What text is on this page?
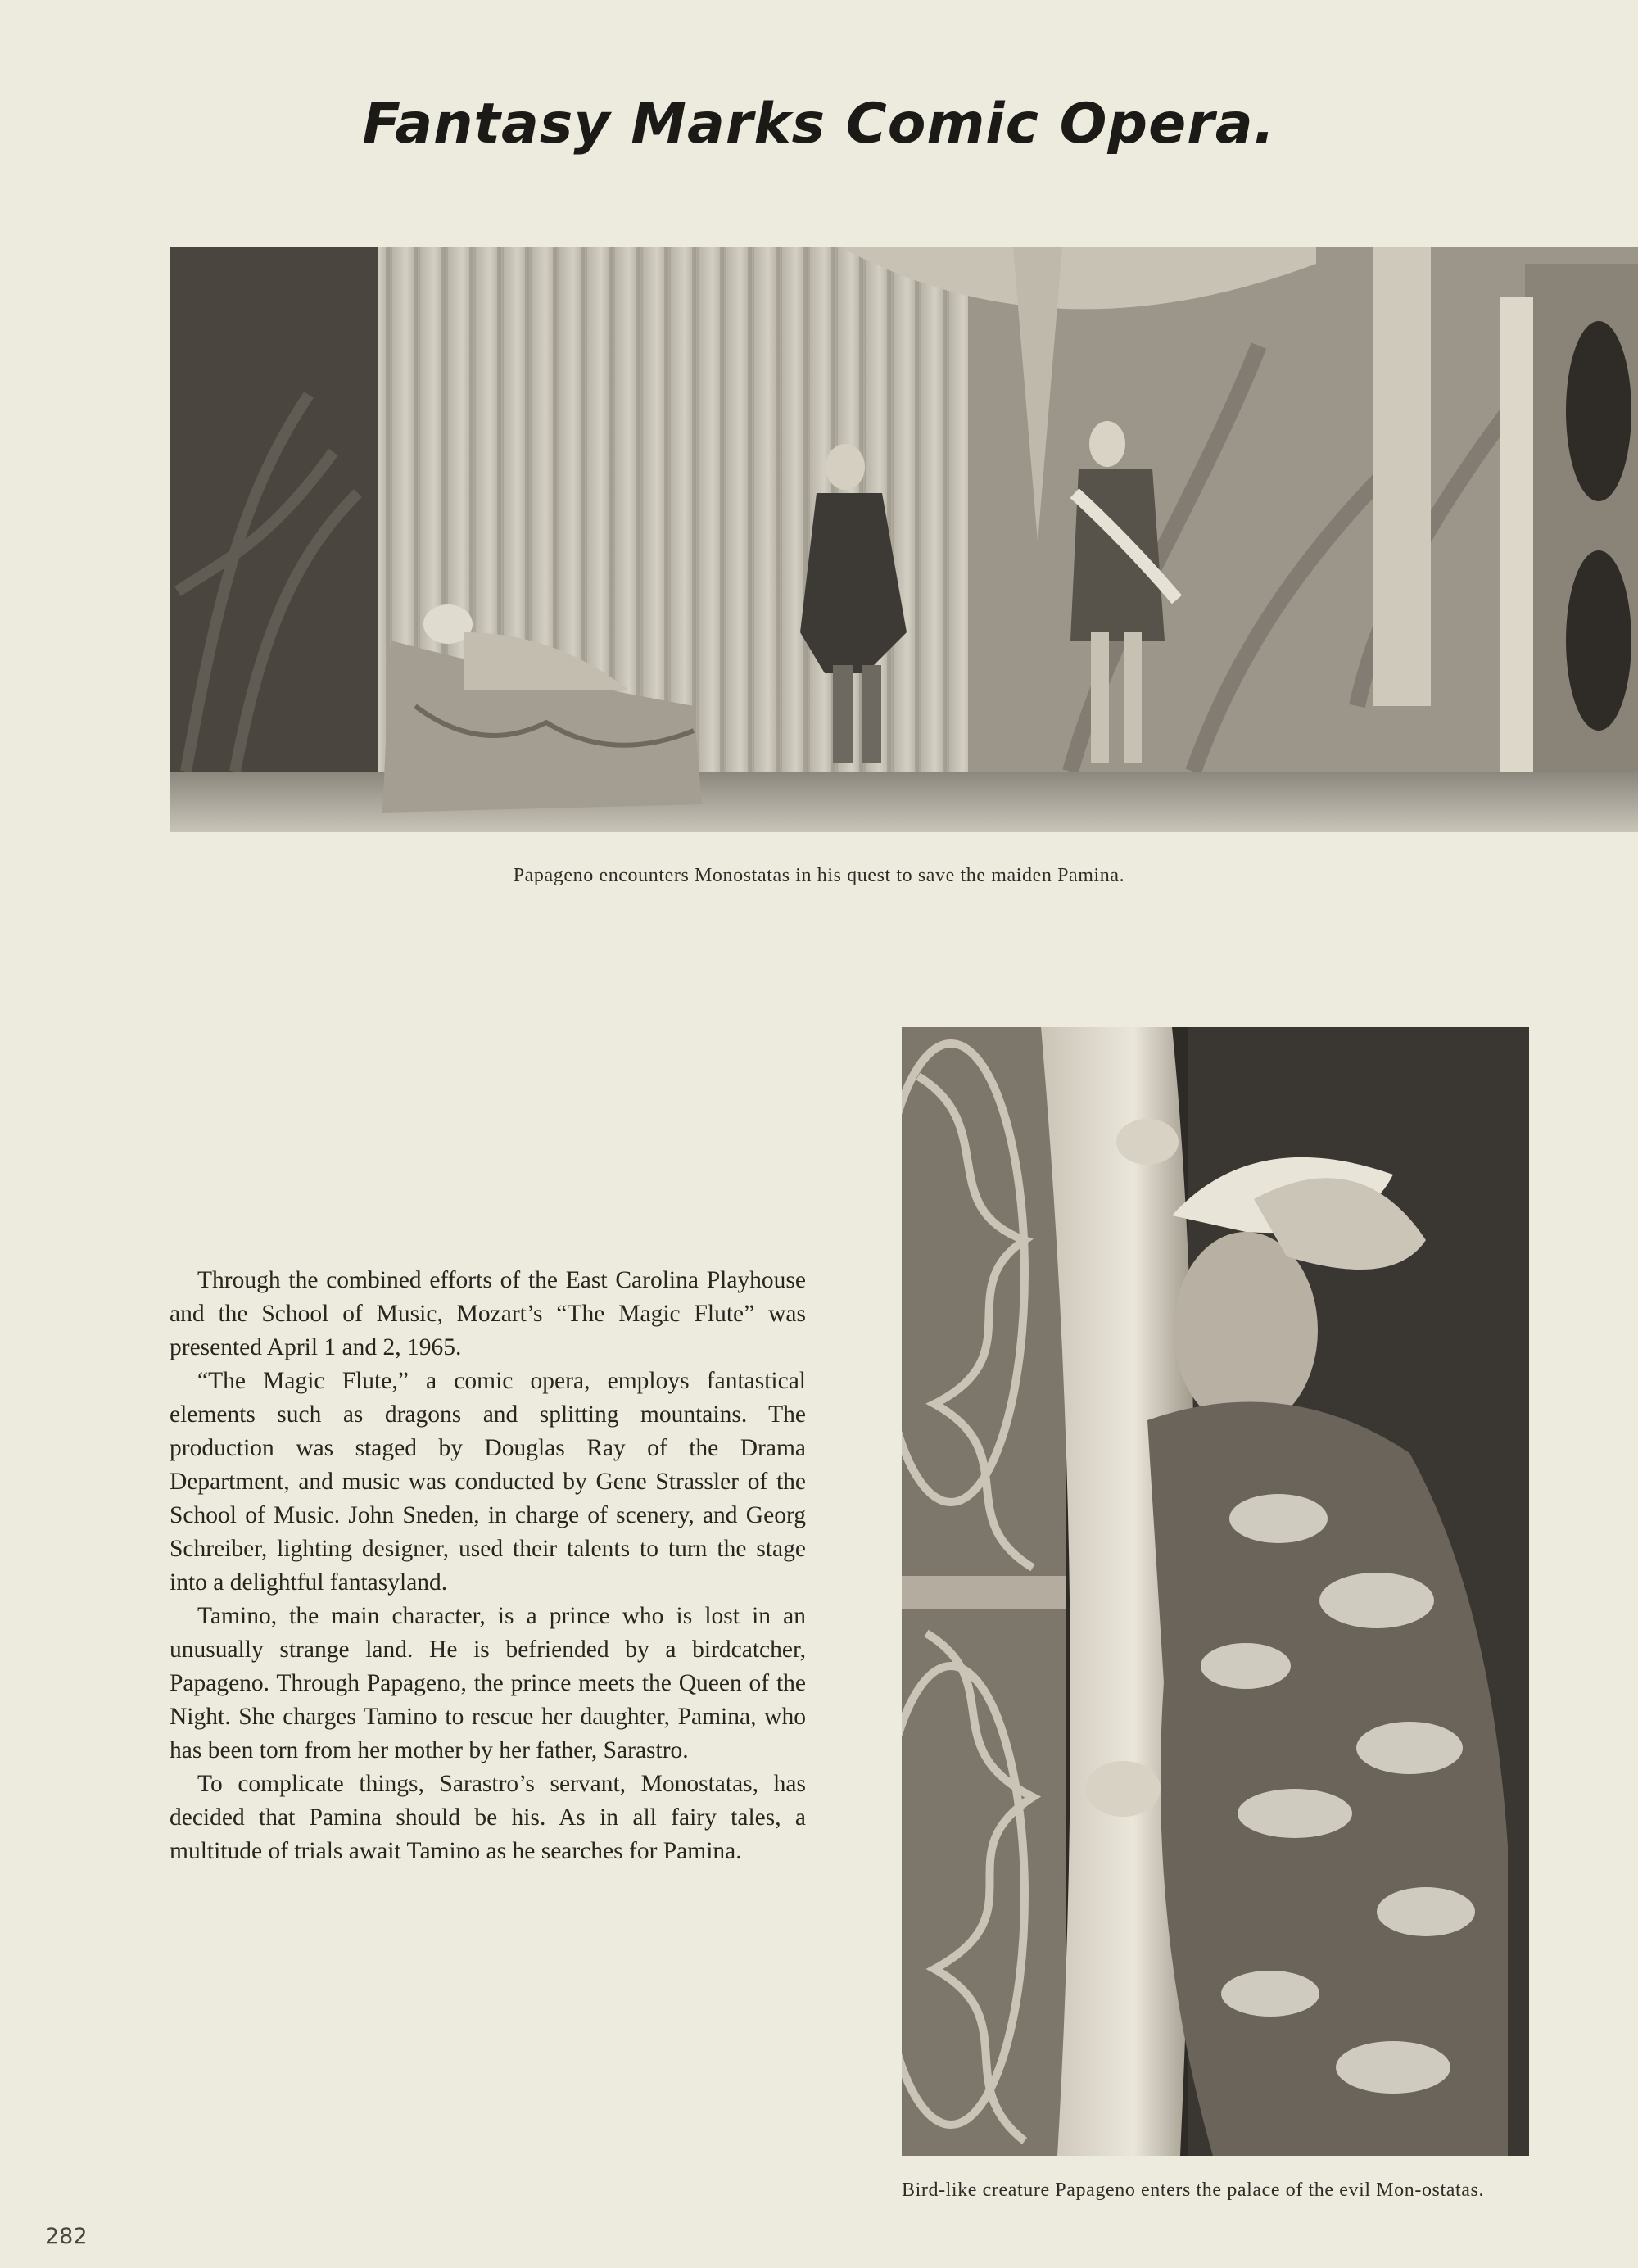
Fantasy Marks Comic Opera.
Papageno encounters Monostatas in his quest to save the maiden Pamina.

Through the combined efforts of the East Carolina Playhouse and the School of Music, Mozart’s “The Magic Flute” was presented April 1 and 2, 1965.

“The Magic Flute,” a comic opera, employs fantastical elements such as dragons and splitting mountains. The production was staged by Douglas Ray of the Drama Department, and music was conducted by Gene Strassler of the School of Music. John Sneden, in charge of scenery, and Georg Schreiber, lighting designer, used their talents to turn the stage into a delightful fantasyland.

Tamino, the main character, is a prince who is lost in an unusually strange land. He is befriended by a birdcatcher, Papageno. Through Papageno, the prince meets the Queen of the Night. She charges Tamino to rescue her daughter, Pamina, who has been torn from her mother by her father, Sarastro.

To complicate things, Sarastro’s servant, Monostatas, has decided that Pamina should be his. As in all fairy tales, a multitude of trials await Tamino as he searches for Pamina.

Bird-like creature Papageno enters the palace of the evil Mon-ostatas.
282
